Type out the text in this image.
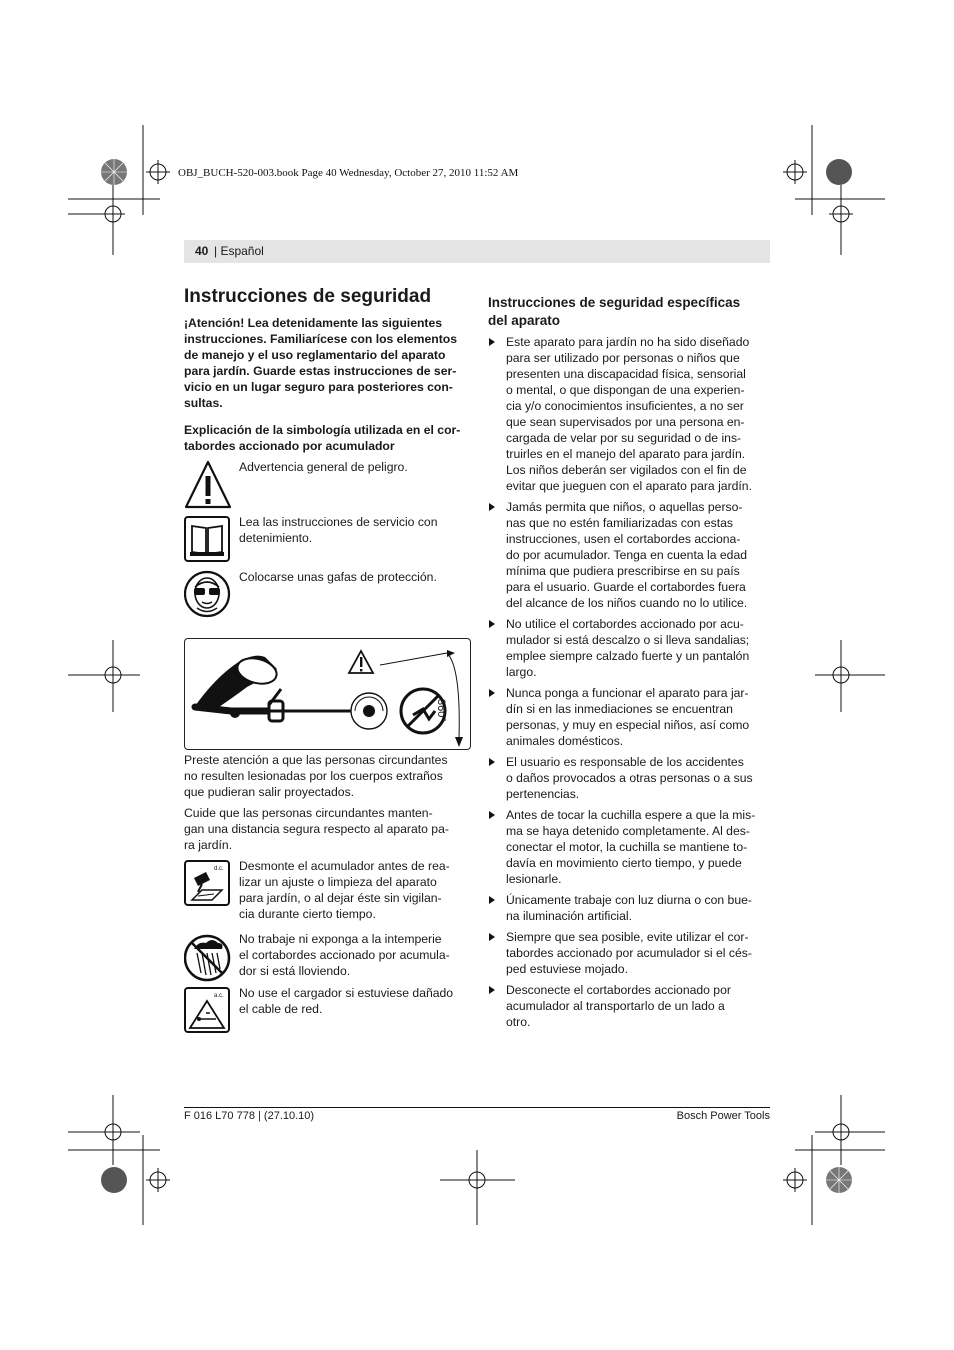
OBJ_BUCH-520-003.book Page 40 Wednesday, October 27, 2010 11:52 AM
40 | Español
Instrucciones de seguridad
¡Atención! Lea detenidamente las siguientes
instrucciones. Familiarícese con los elementos
de manejo y el uso reglamentario del aparato
para jardín. Guarde estas instrucciones de ser-
vicio en un lugar seguro para posteriores con-
sultas.
Explicación de la simbología utilizada en el cor-
tabordes accionado por acumulador
Advertencia general de peligro.
Lea las instrucciones de servicio con
detenimiento.
Colocarse unas gafas de protección.
360°
Preste atención a que las personas circundantes
no resulten lesionadas por los cuerpos extraños
que pudieran salir proyectados.
Cuide que las personas circundantes manten-
gan una distancia segura respecto al aparato pa-
ra jardín.
d.c. Desmonte el acumulador antes de rea-
lizar un ajuste o limpieza del aparato
para jardín, o al dejar éste sin vigilan-
cia durante cierto tiempo.
No trabaje ni exponga a la intemperie
el cortabordes accionado por acumula-
dor si está lloviendo.
a.c. No use el cargador si estuviese dañado
el cable de red.
Instrucciones de seguridad específicas
del aparato
Este aparato para jardín no ha sido diseñado
para ser utilizado por personas o niños que
presenten una discapacidad física, sensorial
o mental, o que dispongan de una experien-
cia y/o conocimientos insuficientes, a no ser
que sean supervisados por una persona en-
cargada de velar por su seguridad o de ins-
truirles en el manejo del aparato para jardín.
Los niños deberán ser vigilados con el fin de
evitar que jueguen con el aparato para jardín.
Jamás permita que niños, o aquellas perso-
nas que no estén familiarizadas con estas
instrucciones, usen el cortabordes acciona-
do por acumulador. Tenga en cuenta la edad
mínima que pudiera prescribirse en su país
para el usuario. Guarde el cortabordes fuera
del alcance de los niños cuando no lo utilice.
No utilice el cortabordes accionado por acu-
mulador si está descalzo o si lleva sandalias;
emplee siempre calzado fuerte y un pantalón
largo.
Nunca ponga a funcionar el aparato para jar-
dín si en las inmediaciones se encuentran
personas, y muy en especial niños, así como
animales domésticos.
El usuario es responsable de los accidentes
o daños provocados a otras personas o a sus
pertenencias.
Antes de tocar la cuchilla espere a que la mis-
ma se haya detenido completamente. Al des-
conectar el motor, la cuchilla se mantiene to-
davía en movimiento cierto tiempo, y puede
lesionarle.
Únicamente trabaje con luz diurna o con bue-
na iluminación artificial.
Siempre que sea posible, evite utilizar el cor-
tabordes accionado por acumulador si el cés-
ped estuviese mojado.
Desconecte el cortabordes accionado por
acumulador al transportarlo de un lado a
otro.
F 016 L70 778 | (27.10.10)	Bosch Power Tools
